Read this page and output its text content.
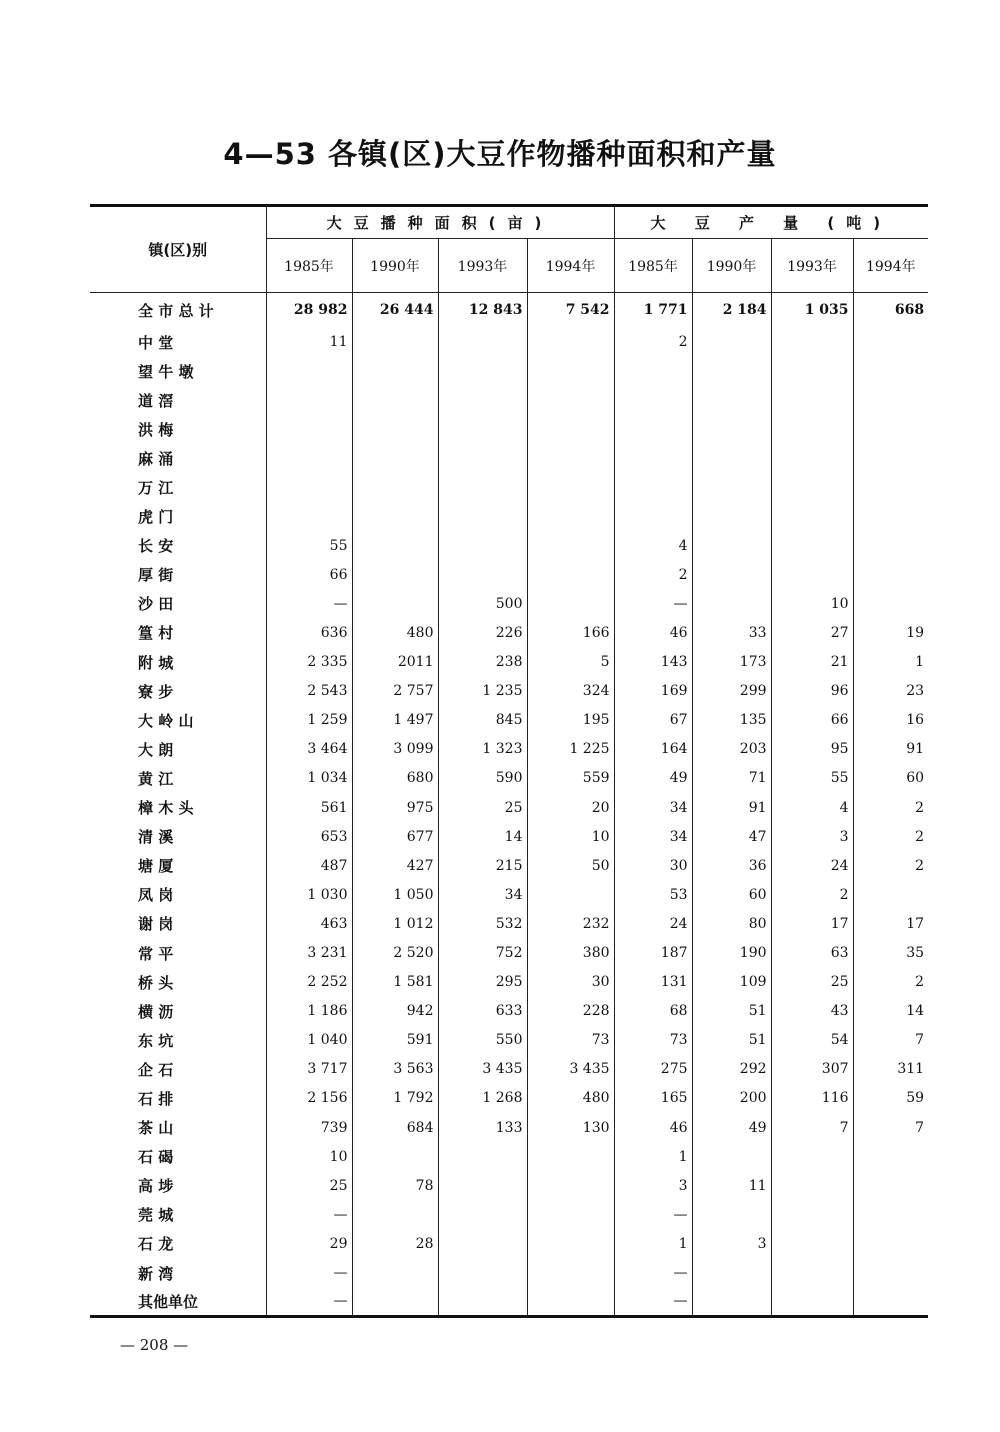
4—53 各镇(区)大豆作物播种面积和产量
镇(区)别	大豆播种面积(亩)				大 豆 产 量 (吨)			
	1985年	1990年	1993年	1994年	1985年	1990年	1993年	1994年
全 市 总 计	28 982	26 444	12 843	7 542	1 771	2 184	1 035	668
中 堂	11				2			
望 牛 墩								
道 滘								
洪 梅								
麻 涌								
万 江								
虎 门								
长 安	55				4			
厚 街	66				2			
沙 田	—		500		—		10	
篁 村	636	480	226	166	46	33	27	19
附 城	2 335	2011	238	5	143	173	21	1
寮 步	2 543	2 757	1 235	324	169	299	96	23
大 岭 山	1 259	1 497	845	195	67	135	66	16
大 朗	3 464	3 099	1 323	1 225	164	203	95	91
黄 江	1 034	680	590	559	49	71	55	60
樟 木 头	561	975	25	20	34	91	4	2
清 溪	653	677	14	10	34	47	3	2
塘 厦	487	427	215	50	30	36	24	2
凤 岗	1 030	1 050	34		53	60	2	
谢 岗	463	1 012	532	232	24	80	17	17
常 平	3 231	2 520	752	380	187	190	63	35
桥 头	2 252	1 581	295	30	131	109	25	2
横 沥	1 186	942	633	228	68	51	43	14
东 坑	1 040	591	550	73	73	51	54	7
企 石	3 717	3 563	3 435	3 435	275	292	307	311
石 排	2 156	1 792	1 268	480	165	200	116	59
茶 山	739	684	133	130	46	49	7	7
石 碣	10				1			
高 埗	25	78			3	11		
莞 城	—				—			
石 龙	29	28			1	3		
新 湾	—				—			
其他单位	—				—			
— 208 —
